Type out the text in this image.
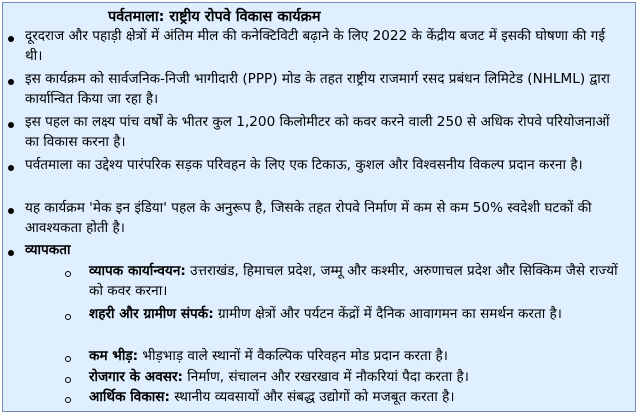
पर्वतमाला: राष्ट्रीय रोपवे विकास कार्यक्रम
दूरदराज और पहाड़ी क्षेत्रों में अंतिम मील की कनेक्टिविटी बढ़ाने के लिए 2022 के केंद्रीय बजट में इसकी घोषणा की गई थी।
इस कार्यक्रम को सार्वजनिक-निजी भागीदारी (PPP) मोड के तहत राष्ट्रीय राजमार्ग रसद प्रबंधन लिमिटेड (NHLML) द्वारा कार्यान्वित किया जा रहा है।
इस पहल का लक्ष्य पांच वर्षों के भीतर कुल 1,200 किलोमीटर को कवर करने वाली 250 से अधिक रोपवे परियोजनाओं का विकास करना है।
पर्वतमाला का उद्देश्य पारंपरिक सड़क परिवहन के लिए एक टिकाऊ, कुशल और विश्वसनीय विकल्प प्रदान करना है।
यह कार्यक्रम 'मेक इन इंडिया' पहल के अनुरूप है, जिसके तहत रोपवे निर्माण में कम से कम 50% स्वदेशी घटकों की आवश्यकता होती है।
व्यापकता
व्यापक कार्यान्वयन: उत्तराखंड, हिमाचल प्रदेश, जम्मू और कश्मीर, अरुणाचल प्रदेश और सिक्किम जैसे राज्यों को कवर करना।
शहरी और ग्रामीण संपर्क: ग्रामीण क्षेत्रों और पर्यटन केंद्रों में दैनिक आवागमन का समर्थन करता है।
कम भीड़: भीड़भाड़ वाले स्थानों में वैकल्पिक परिवहन मोड प्रदान करता है।
रोजगार के अवसर: निर्माण, संचालन और रखरखाव में नौकरियां पैदा करता है।
आर्थिक विकास: स्थानीय व्यवसायों और संबद्ध उद्योगों को मजबूत करता है।
